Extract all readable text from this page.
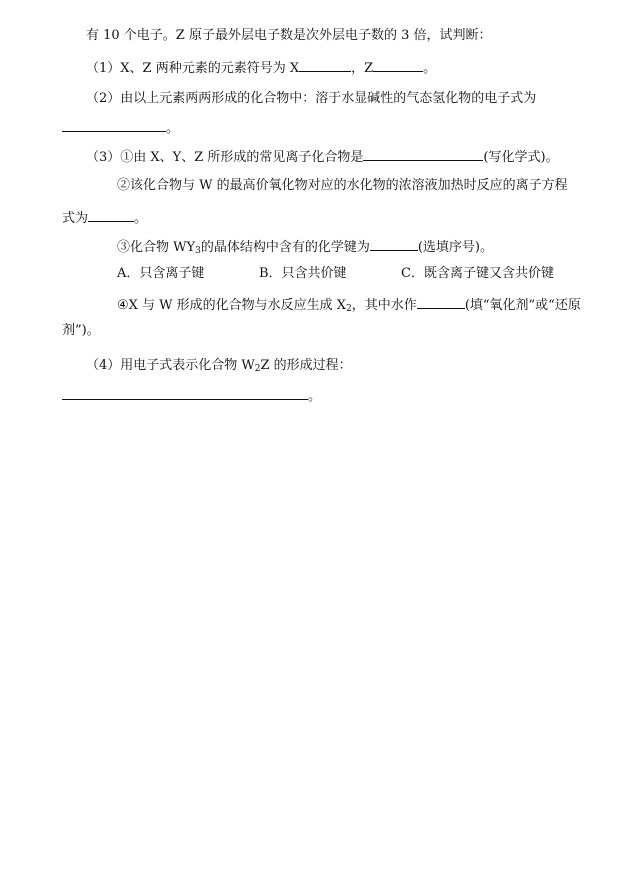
有 10 个电子。Z 原子最外层电子数是次外层电子数的 3 倍，试判断：
（1）X、Z 两种元素的元素符号为 X	，Z	。
（2）由以上元素两两形成的化合物中：溶于水显碱性的气态氢化物的电子式为
。
（3）①由 X、Y、Z 所形成的常见离子化合物是	(写化学式)。
②该化合物与 W 的最高价氧化物对应的水化物的浓溶液加热时反应的离子方程
式为	。
③化合物 $WY_3$的晶体结构中含有的化学键为	(选填序号)。
A．只含离子键	B．只含共价键	C．既含离子键又含共价键
④X 与 W 形成的化合物与水反应生成 $X_2$，其中水作	(填“氧化剂”或“还原
剂”)。
（4）用电子式表示化合物 $W_2Z$ 的形成过程：
。
